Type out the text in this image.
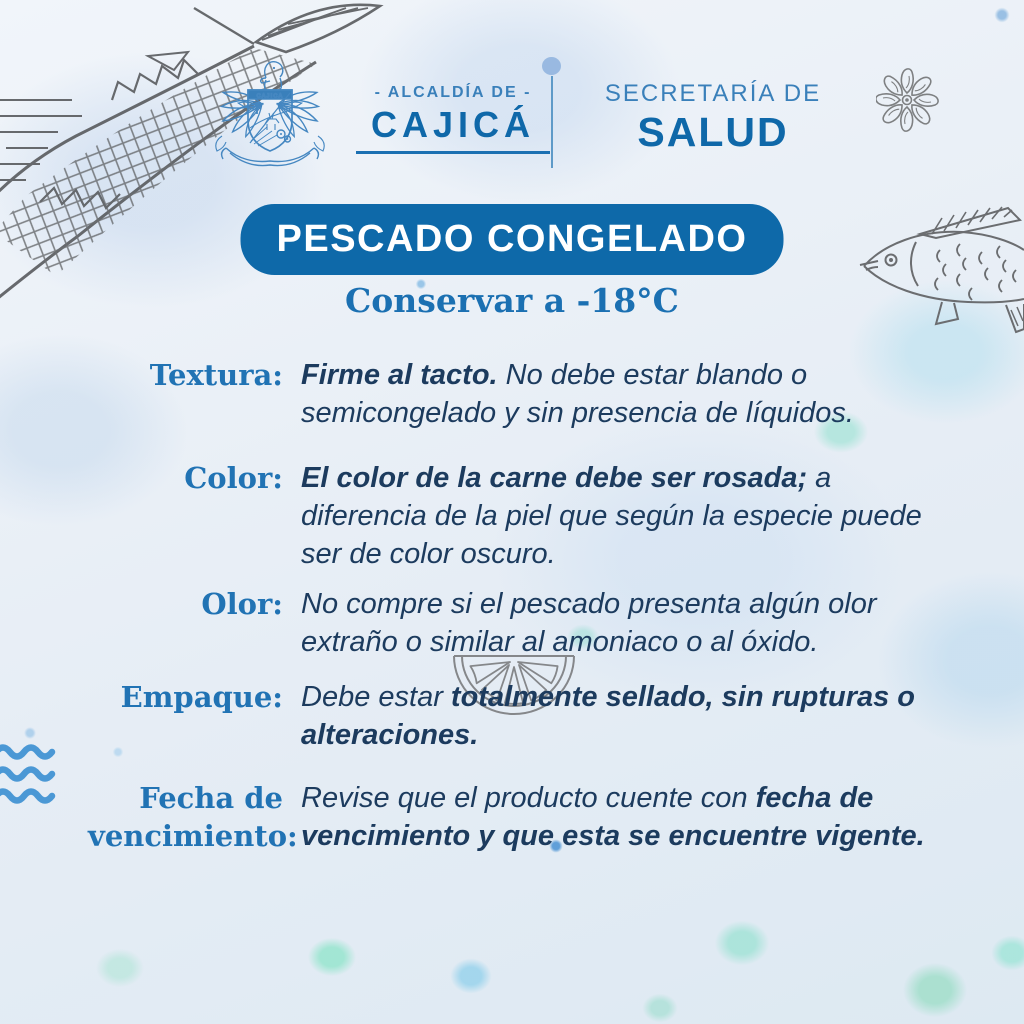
CAJICA	- ALCALDÍA DE -
CAJICÁ
SECRETARÍA DE
SALUD
PESCADO CONGELADO
Conservar a -18°C
Textura: Firme al tacto. No debe estar blando o semicongelado y sin presencia de líquidos.
Color: El color de la carne debe ser rosada; a diferencia de la piel que según la especie puede ser de color oscuro.
Olor: No compre si el pescado presenta algún olor extraño o similar al amoniaco o al óxido.
Empaque: Debe estar totalmente sellado, sin rupturas o alteraciones.
Fecha de vencimiento:
Revise que el producto cuente con fecha de vencimiento y que esta se encuentre vigente.
